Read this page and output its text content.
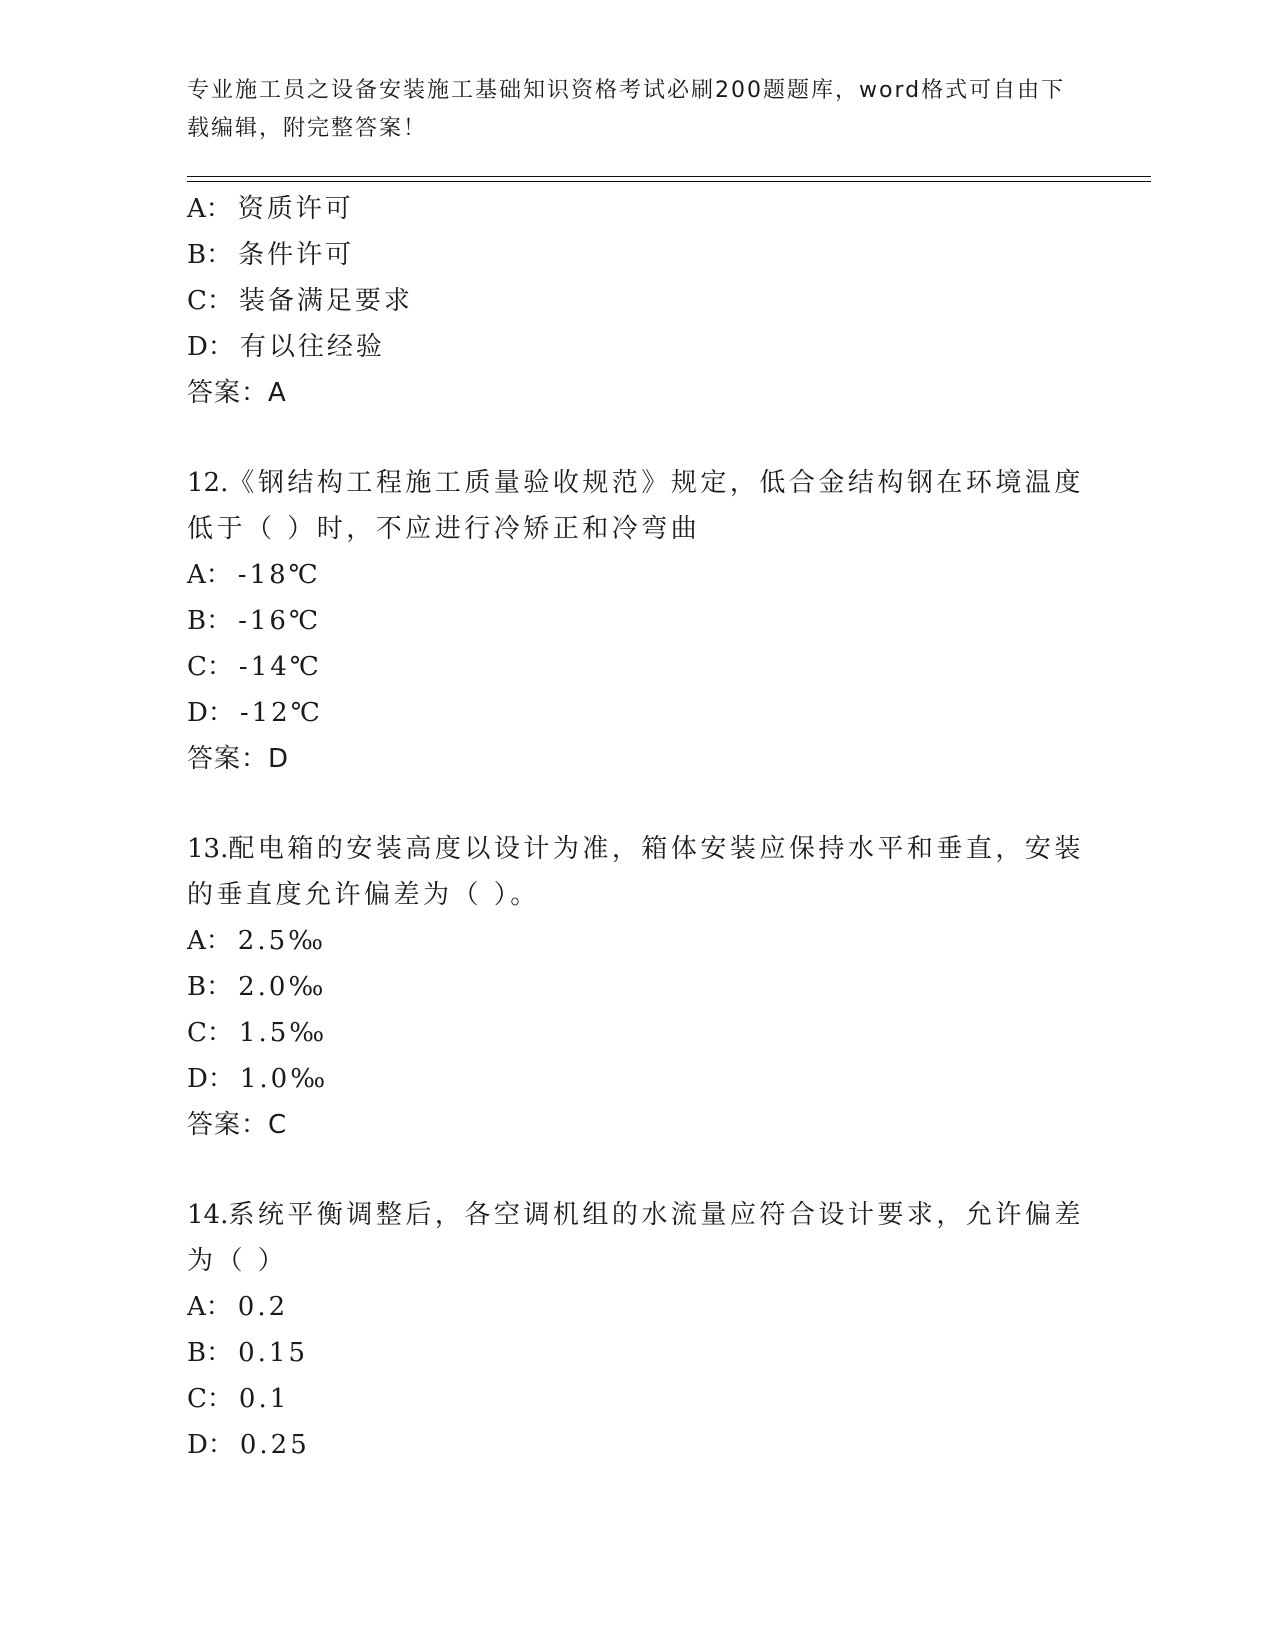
专业施工员之设备安装施工基础知识资格考试必刷200题题库，word格式可自由下载编辑，附完整答案！
A： 资质许可
B： 条件许可
C： 装备满足要求
D： 有以往经验
答案：A
12.《钢结构工程施工质量验收规范》规定，低合金结构钢在环境温度低于（ ）时，不应进行冷矫正和冷弯曲
A： -18℃
B： -16℃
C： -14℃
D： -12℃
答案：D
13.配电箱的安装高度以设计为准，箱体安装应保持水平和垂直，安装的垂直度允许偏差为（ ）。
A： 2.5‰
B： 2.0‰
C： 1.5‰
D： 1.0‰
答案：C
14.系统平衡调整后，各空调机组的水流量应符合设计要求，允许偏差为（ ）
A： 0.2
B： 0.15
C： 0.1
D： 0.25
